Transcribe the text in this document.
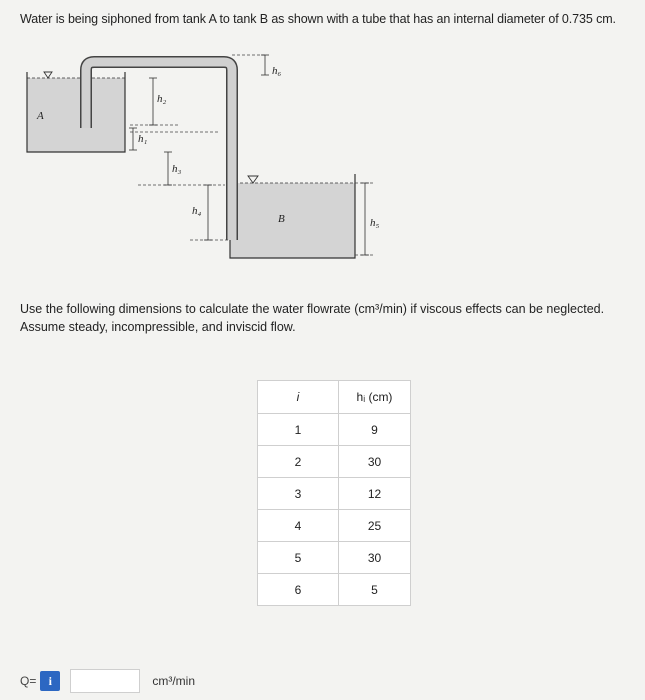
Water is being siphoned from tank A to tank B as shown with a tube that has an internal diameter of 0.735 cm.
A
B
h₁
h₂
h₃
h₄
h₅
h₆
Use the following dimensions to calculate the water flowrate (cm³/min) if viscous effects can be neglected.
Assume steady, incompressible, and inviscid flow.
i	hᵢ (cm)
1	9
2	30
3	12
4	25
5	30
6	5
Q=	i	cm³/min
